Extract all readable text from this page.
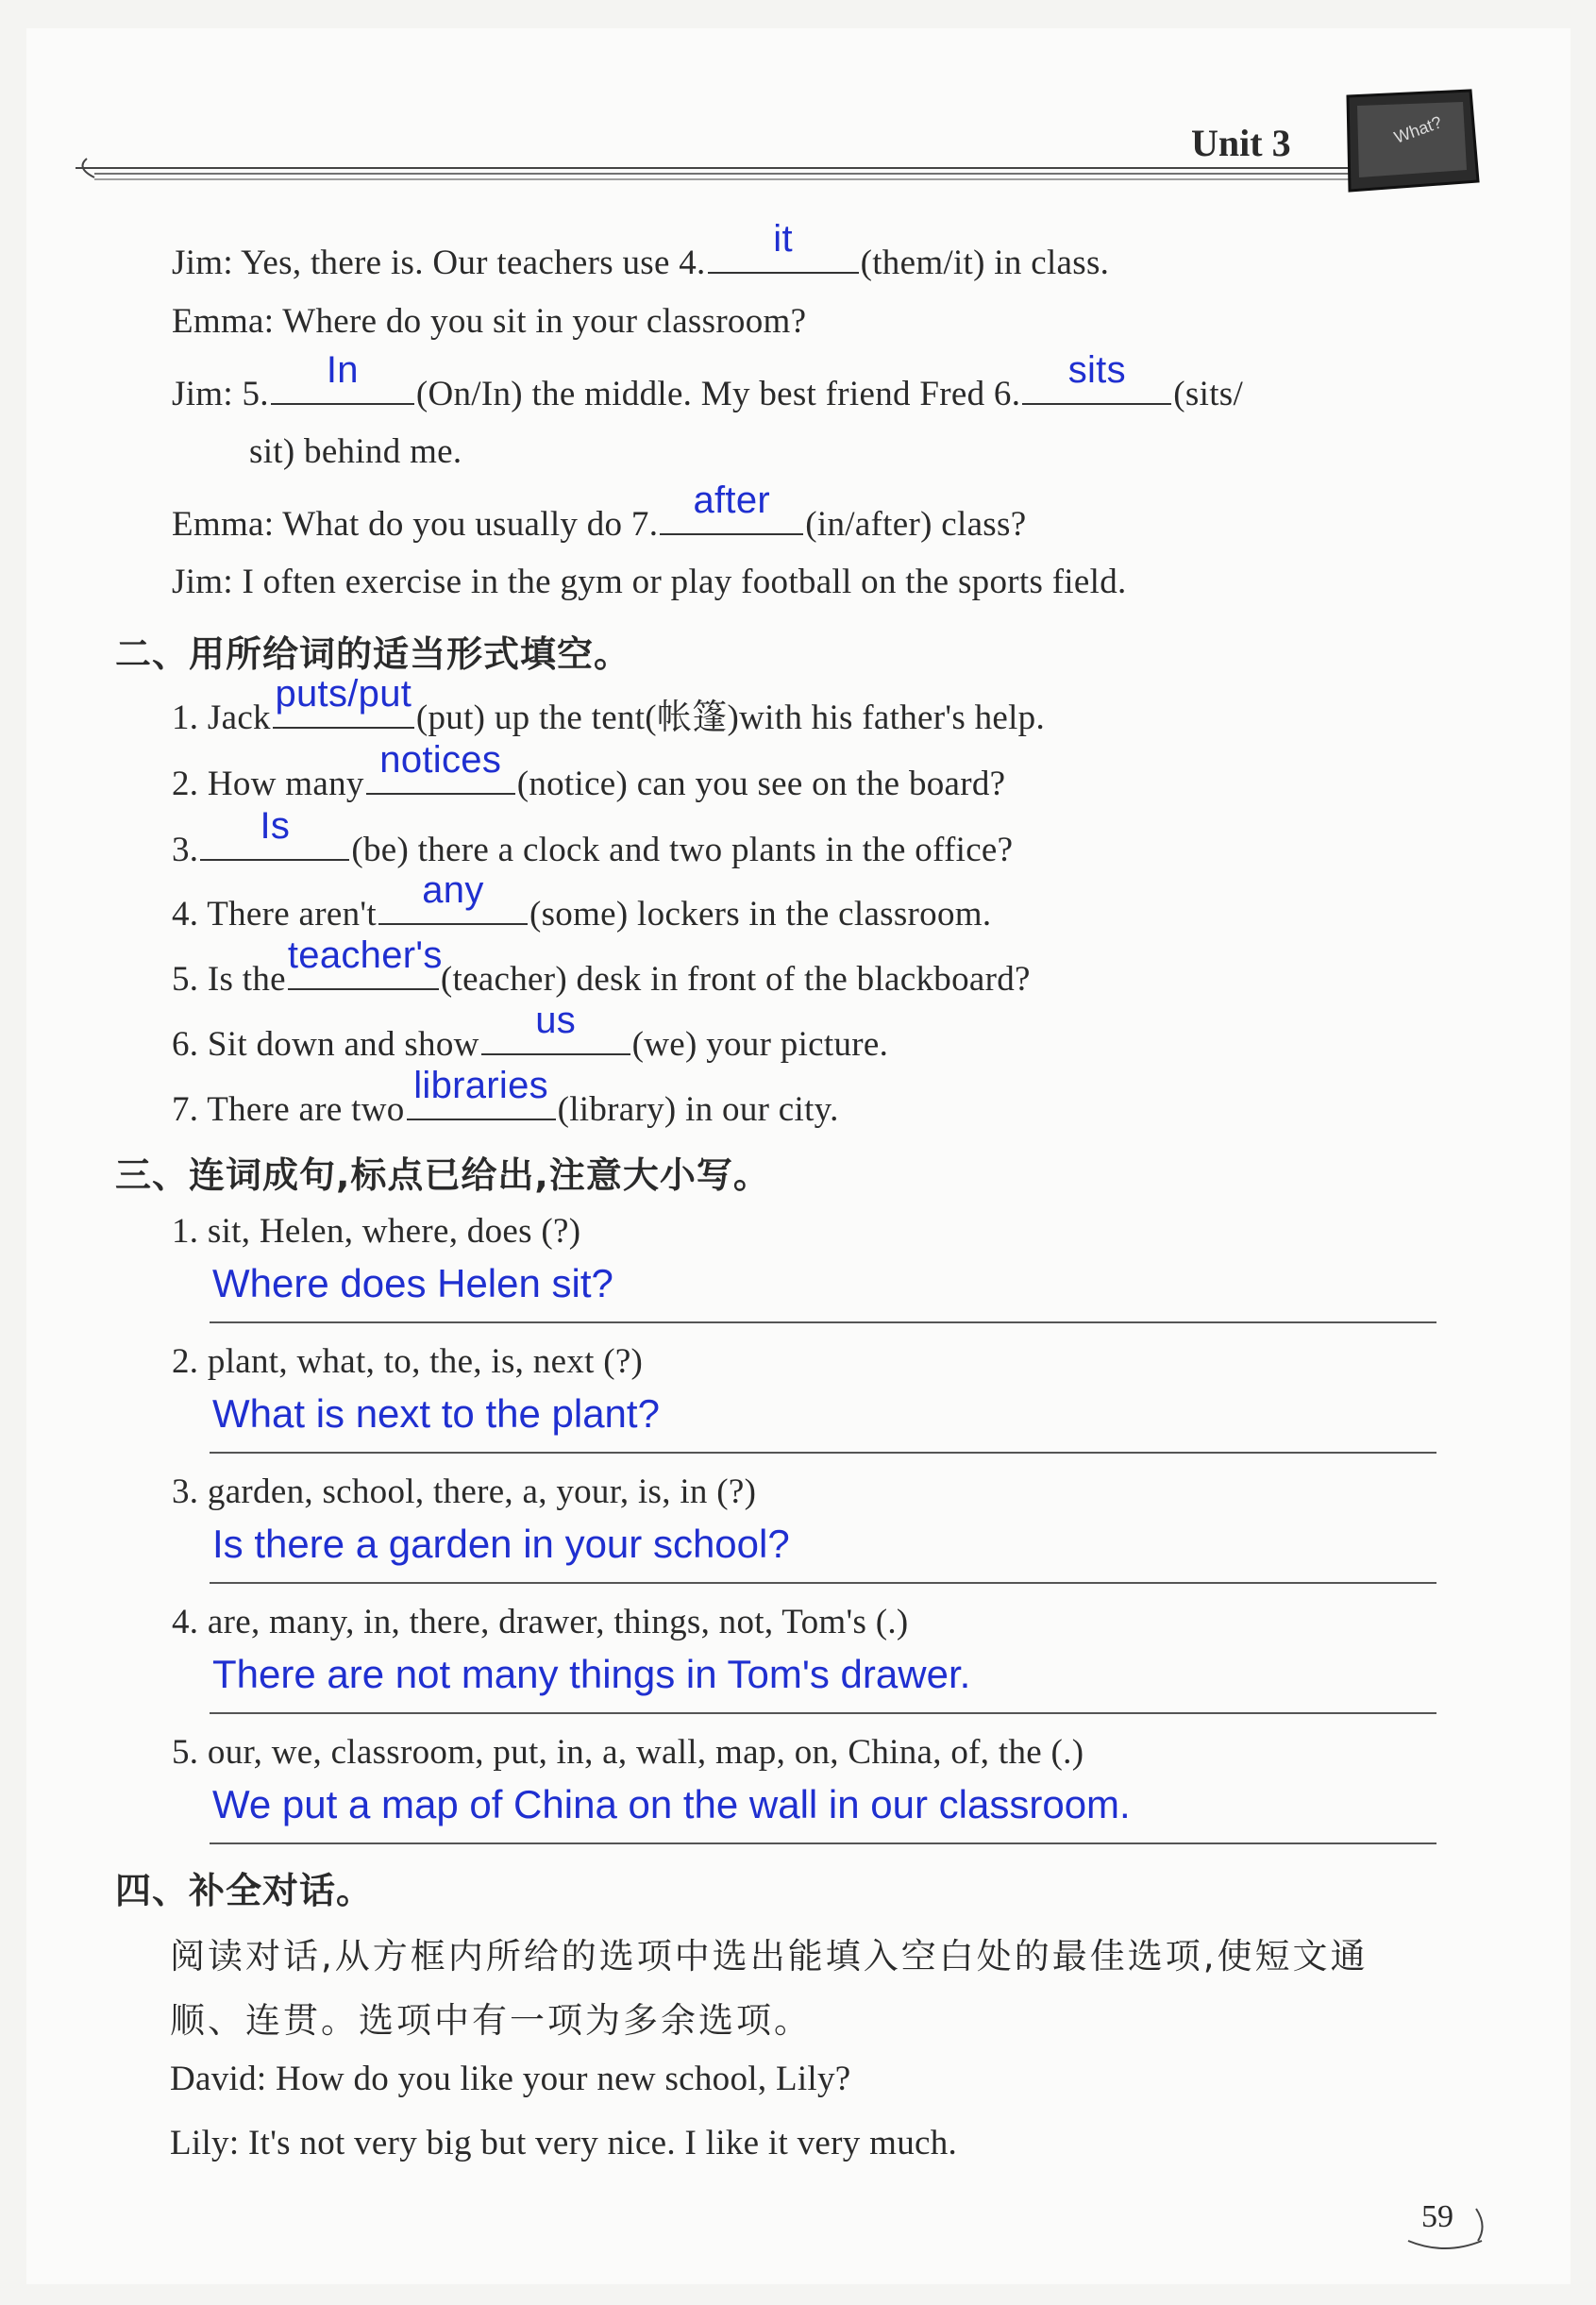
Unit 3	What?
Jim: Yes, there is. Our teachers use 4.
it
(them/it) in class.
Emma: Where do you sit in your classroom?
Jim: 5.
In
(On/In) the middle. My best friend Fred 6.
sits
(sits/
sit) behind me.
Emma: What do you usually do 7.
after
(in/after) class?
Jim: I often exercise in the gym or play football on the sports field.
二、用所给词的适当形式填空。
1. Jack
puts/put
(put) up the tent(帐篷)with his father's help.
2. How many
notices
(notice) can you see on the board?
3.
Is
(be) there a clock and two plants in the office?
4. There aren't
any
(some) lockers in the classroom.
5. Is the
teacher's
(teacher) desk in front of the blackboard?
6. Sit down and show
us
(we) your picture.
7. There are two
libraries
(library) in our city.
三、连词成句,标点已给出,注意大小写。
1. sit, Helen, where, does (?)
Where does Helen sit?
2. plant, what, to, the, is, next (?)
What is next to the plant?
3. garden, school, there, a, your, is, in (?)
Is there a garden in your school?
4. are, many, in, there, drawer, things, not, Tom's (.)
There are not many things in Tom's drawer.
5. our, we, classroom, put, in, a, wall, map, on, China, of, the (.)
We put a map of China on the wall in our classroom.
四、补全对话。
阅读对话,从方框内所给的选项中选出能填入空白处的最佳选项,使短文通
顺、连贯。选项中有一项为多余选项。
David: How do you like your new school, Lily?
Lily: It's not very big but very nice. I like it very much.
59
